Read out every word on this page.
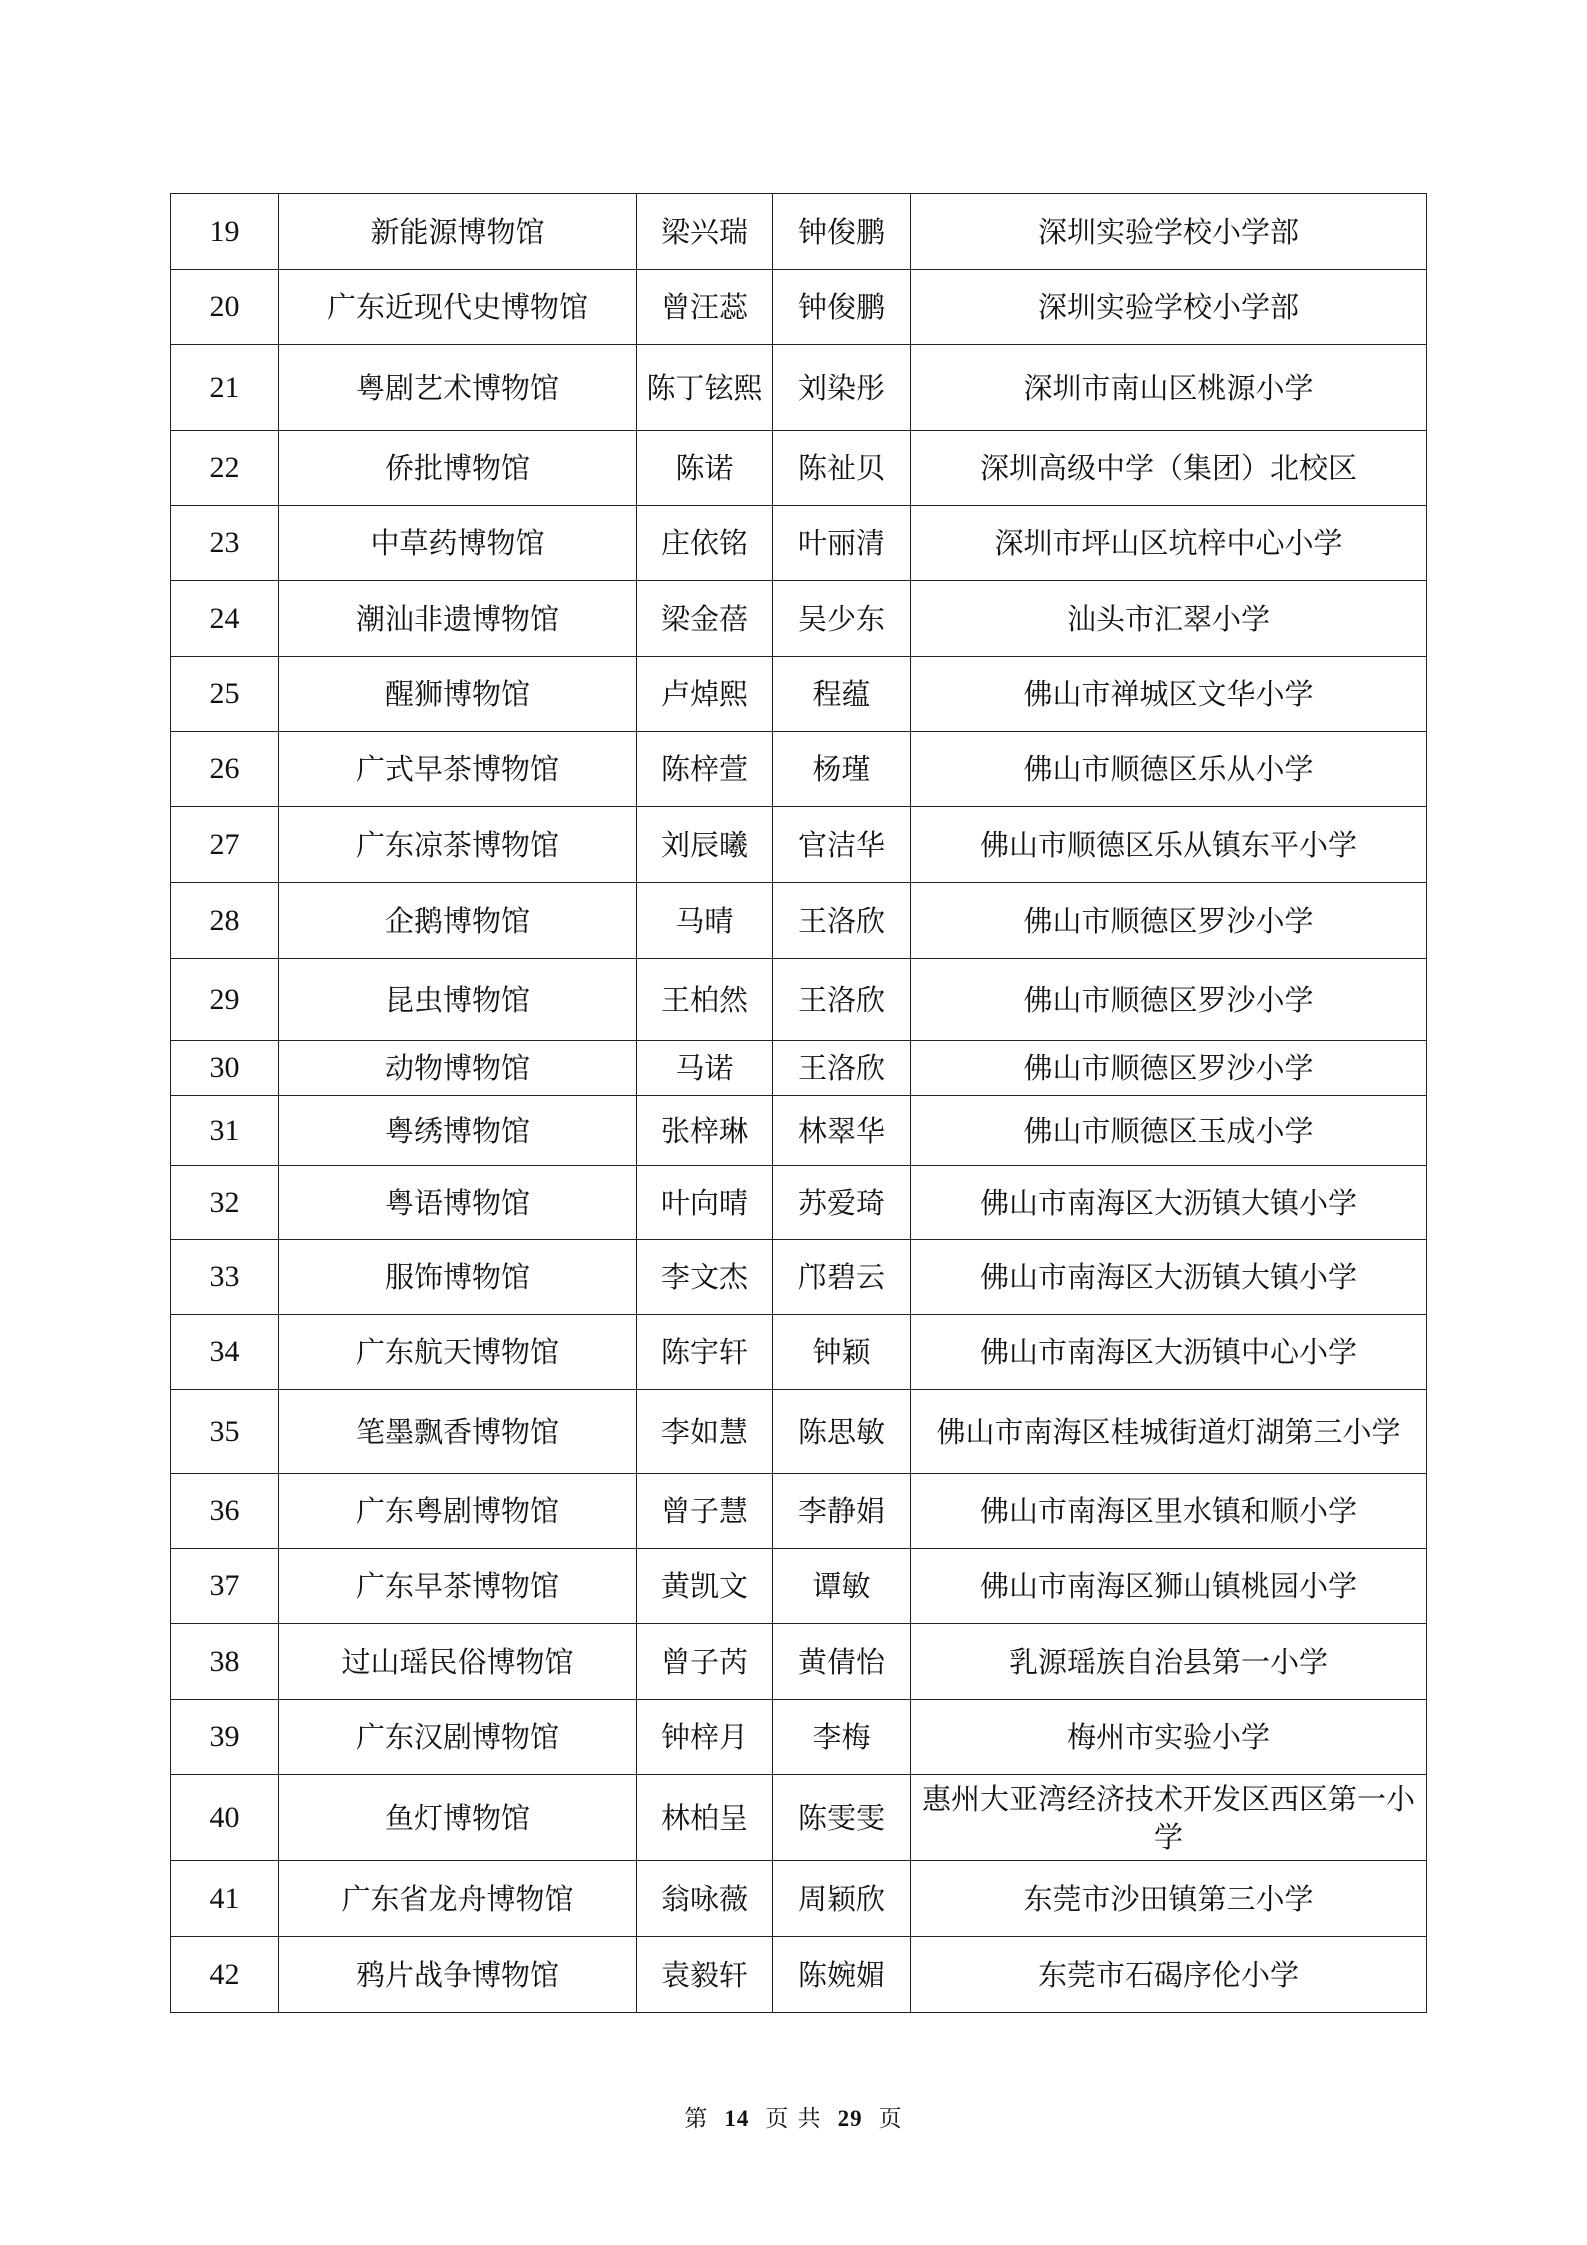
19	新能源博物馆	梁兴瑞	钟俊鹏	深圳实验学校小学部
20	广东近现代史博物馆	曾汪蕊	钟俊鹏	深圳实验学校小学部
21	粤剧艺术博物馆	陈丁铉熙	刘染彤	深圳市南山区桃源小学
22	侨批博物馆	陈诺	陈祉贝	深圳高级中学（集团）北校区
23	中草药博物馆	庄依铭	叶丽清	深圳市坪山区坑梓中心小学
24	潮汕非遗博物馆	梁金蓓	吴少东	汕头市汇翠小学
25	醒狮博物馆	卢焯熙	程蕴	佛山市禅城区文华小学
26	广式早茶博物馆	陈梓萱	杨瑾	佛山市顺德区乐从小学
27	广东凉茶博物馆	刘辰曦	官洁华	佛山市顺德区乐从镇东平小学
28	企鹅博物馆	马晴	王洛欣	佛山市顺德区罗沙小学
29	昆虫博物馆	王柏然	王洛欣	佛山市顺德区罗沙小学
30	动物博物馆	马诺	王洛欣	佛山市顺德区罗沙小学
31	粤绣博物馆	张梓琳	林翠华	佛山市顺德区玉成小学
32	粤语博物馆	叶向晴	苏爱琦	佛山市南海区大沥镇大镇小学
33	服饰博物馆	李文杰	邝碧云	佛山市南海区大沥镇大镇小学
34	广东航天博物馆	陈宇轩	钟颖	佛山市南海区大沥镇中心小学
35	笔墨飘香博物馆	李如慧	陈思敏	佛山市南海区桂城街道灯湖第三小学
36	广东粤剧博物馆	曾子慧	李静娟	佛山市南海区里水镇和顺小学
37	广东早茶博物馆	黄凯文	谭敏	佛山市南海区狮山镇桃园小学
38	过山瑶民俗博物馆	曾子芮	黄倩怡	乳源瑶族自治县第一小学
39	广东汉剧博物馆	钟梓月	李梅	梅州市实验小学
40	鱼灯博物馆	林柏呈	陈雯雯	惠州大亚湾经济技术开发区西区第一小学
41	广东省龙舟博物馆	翁咏薇	周颖欣	东莞市沙田镇第三小学
42	鸦片战争博物馆	袁毅轩	陈婉媚	东莞市石碣序伦小学
第 14 页 共 29 页
